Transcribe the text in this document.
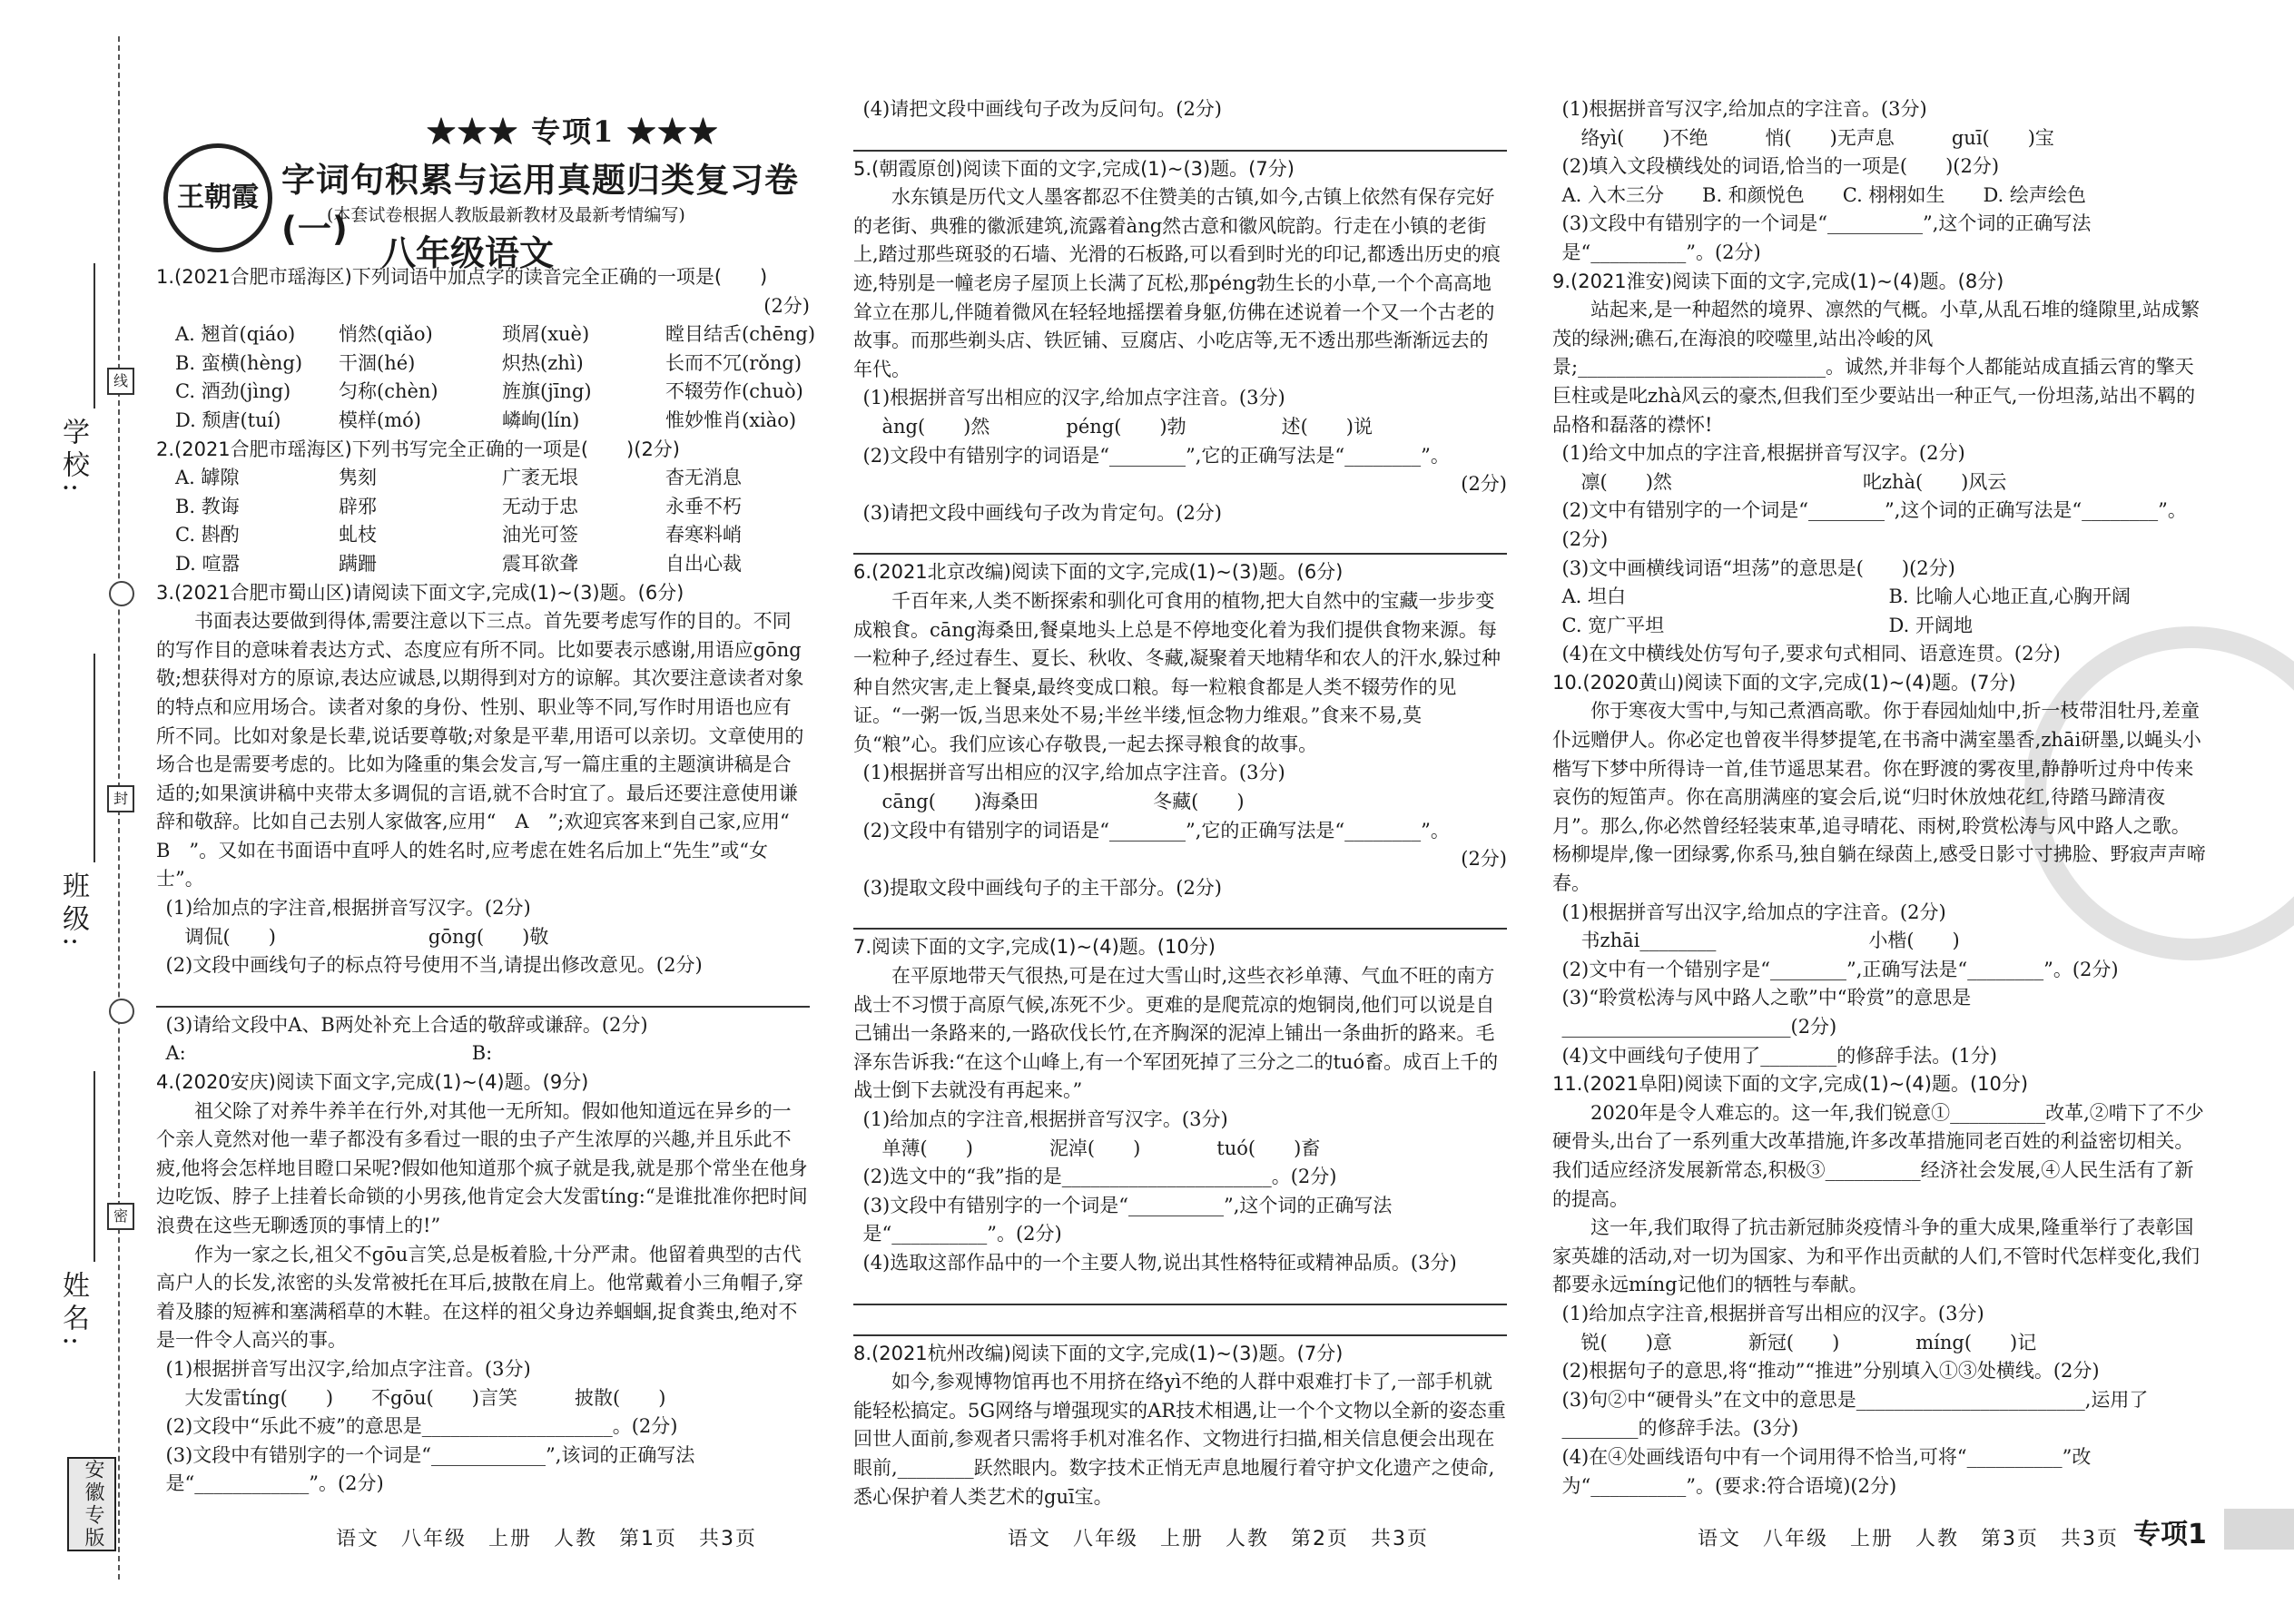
学校:
班级:
姓名:
线
封
密
安徽专版
王朝霞
★★★ 专项1 ★★★
字词句积累与运用真题归类复习卷(一)
(本套试卷根据人教版最新教材及最新考情编写)
八年级语文
1.(2021合肥市瑶海区)下列词语中加点字的读音完全正确的一项是(　　)
(2分)
A. 翘首(qiáo)	悄然(qiǎo)	琐屑(xuè)	瞠目结舌(chēng)
B. 蛮横(hèng)	干涸(hé)	炽热(zhì)	长而不冗(rǒng)
C. 酒劲(jìng)	匀称(chèn)	旌旗(jīng)	不辍劳作(chuò)
D. 颓唐(tuí)	模样(mó)	嶙峋(lín)	惟妙惟肖(xiào)
2.(2021合肥市瑶海区)下列书写完全正确的一项是(　　)(2分)
A. 罅隙	隽刻	广袤无垠	杳无消息
B. 教诲	辟邪	无动于忠	永垂不朽
C. 斟酌	虬枝	油光可签	春寒料峭
D. 喧嚣	蹒跚	震耳欲聋	自出心裁
3.(2021合肥市蜀山区)请阅读下面文字,完成(1)~(3)题。(6分)
书面表达要做到得体,需要注意以下三点。首先要考虑写作的目的。不同的写作目的意味着表达方式、态度应有所不同。比如要表示感谢,用语应gōng敬;想获得对方的原谅,表达应诚恳,以期得到对方的谅解。其次要注意读者对象的特点和应用场合。读者对象的身份、性别、职业等不同,写作时用语也应有所不同。比如对象是长辈,说话要尊敬;对象是平辈,用语可以亲切。文章使用的场合也是需要考虑的。比如为隆重的集会发言,写一篇庄重的主题演讲稿是合适的;如果演讲稿中夹带太多调侃的言语,就不合时宜了。最后还要注意使用谦辞和敬辞。比如自己去别人家做客,应用“　A　”;欢迎宾客来到自己家,应用“　B　”。又如在书面语中直呼人的姓名时,应考虑在姓名后加上“先生”或“女士”。
(1)给加点的字注音,根据拼音写汉字。(2分)
调侃(　　)　　　　　　　　gōng(　　)敬
(2)文段中画线句子的标点符号使用不当,请提出修改意见。(2分)
(3)请给文段中A、B两处补充上合适的敬辞或谦辞。(2分)
A:　　　　　　　　　　　　　　　B:
4.(2020安庆)阅读下面文字,完成(1)~(4)题。(9分)
祖父除了对养牛养羊在行外,对其他一无所知。假如他知道远在异乡的一个亲人竟然对他一辈子都没有多看过一眼的虫子产生浓厚的兴趣,并且乐此不疲,他将会怎样地目瞪口呆呢?假如他知道那个疯子就是我,就是那个常坐在他身边吃饭、脖子上挂着长命锁的小男孩,他肯定会大发雷tíng:“是谁批准你把时间浪费在这些无聊透顶的事情上的!”
作为一家之长,祖父不gōu言笑,总是板着脸,十分严肃。他留着典型的古代高户人的长发,浓密的头发常被托在耳后,披散在肩上。他常戴着小三角帽子,穿着及膝的短裤和塞满稻草的木鞋。在这样的祖父身边养蝈蝈,捉食粪虫,绝对不是一件令人高兴的事。
(1)根据拼音写出汉字,给加点字注音。(3分)
大发雷tíng(　　)　　不gōu(　　)言笑　　　披散(　　)
(2)文段中“乐此不疲”的意思是____________________。(2分)
(3)文段中有错别字的一个词是“____________”,该词的正确写法是“____________”。(2分)
(4)请把文段中画线句子改为反问句。(2分)
5.(朝霞原创)阅读下面的文字,完成(1)~(3)题。(7分)
水东镇是历代文人墨客都忍不住赞美的古镇,如今,古镇上依然有保存完好的老街、典雅的徽派建筑,流露着àng然古意和徽风皖韵。行走在小镇的老街上,踏过那些斑驳的石墙、光滑的石板路,可以看到时光的印记,都透出历史的痕迹,特别是一幢老房子屋顶上长满了瓦松,那péng勃生长的小草,一个个高高地耸立在那儿,伴随着微风在轻轻地摇摆着身躯,仿佛在述说着一个又一个古老的故事。而那些剃头店、铁匠铺、豆腐店、小吃店等,无不透出那些渐渐远去的年代。
(1)根据拼音写出相应的汉字,给加点字注音。(3分)
àng(　　)然　　　　péng(　　)勃　　　　　述(　　)说
(2)文段中有错别字的词语是“________”,它的正确写法是“________”。
(2分)
(3)请把文段中画线句子改为肯定句。(2分)
6.(2021北京改编)阅读下面的文字,完成(1)~(3)题。(6分)
千百年来,人类不断探索和驯化可食用的植物,把大自然中的宝藏一步步变成粮食。cāng海桑田,餐桌地头上总是不停地变化着为我们提供食物来源。每一粒种子,经过春生、夏长、秋收、冬藏,凝聚着天地精华和农人的汗水,躲过种种自然灾害,走上餐桌,最终变成口粮。每一粒粮食都是人类不辍劳作的见证。“一粥一饭,当思来处不易;半丝半缕,恒念物力维艰。”食来不易,莫负“粮”心。我们应该心存敬畏,一起去探寻粮食的故事。
(1)根据拼音写出相应的汉字,给加点字注音。(3分)
cāng(　　)海桑田　　　　　　冬藏(　　)
(2)文段中有错别字的词语是“________”,它的正确写法是“________”。
(2分)
(3)提取文段中画线句子的主干部分。(2分)
7.阅读下面的文字,完成(1)~(4)题。(10分)
在平原地带天气很热,可是在过大雪山时,这些衣衫单薄、气血不旺的南方战士不习惯于高原气候,冻死不少。更难的是爬荒凉的炮铜岗,他们可以说是自己铺出一条路来的,一路砍伐长竹,在齐胸深的泥淖上铺出一条曲折的路来。毛泽东告诉我:“在这个山峰上,有一个军团死掉了三分之二的tuó畜。成百上千的战士倒下去就没有再起来。”
(1)给加点的字注音,根据拼音写汉字。(3分)
单薄(　　)　　　　泥淖(　　)　　　　tuó(　　)畜
(2)选文中的“我”指的是______________________。(2分)
(3)文段中有错别字的一个词是“__________”,这个词的正确写法是“__________”。(2分)
(4)选取这部作品中的一个主要人物,说出其性格特征或精神品质。(3分)
8.(2021杭州改编)阅读下面的文字,完成(1)~(3)题。(7分)
如今,参观博物馆再也不用挤在络yì不绝的人群中艰难打卡了,一部手机就能轻松搞定。5G网络与增强现实的AR技术相遇,让一个个文物以全新的姿态重回世人面前,参观者只需将手机对准名作、文物进行扫描,相关信息便会出现在眼前,________跃然眼内。数字技术正悄无声息地履行着守护文化遗产之使命,悉心保护着人类艺术的guī宝。
(1)根据拼音写汉字,给加点的字注音。(3分)
络yì(　　)不绝　　　悄(　　)无声息　　　guī(　　)宝
(2)填入文段横线处的词语,恰当的一项是(　　)(2分)
A. 入木三分　　B. 和颜悦色　　C. 栩栩如生　　D. 绘声绘色
(3)文段中有错别字的一个词是“__________”,这个词的正确写法是“__________”。(2分)
9.(2021淮安)阅读下面的文字,完成(1)~(4)题。(8分)
站起来,是一种超然的境界、凛然的气概。小草,从乱石堆的缝隙里,站成繁茂的绿洲;礁石,在海浪的咬噬里,站出冷峻的风景;__________________________。诚然,并非每个人都能站成直插云宵的擎天巨柱或是叱zhà风云的豪杰,但我们至少要站出一种正气,一份坦荡,站出不羁的品格和磊落的襟怀!
(1)给文中加点的字注音,根据拼音写汉字。(2分)
凛(　　)然　　　　　　　　　　叱zhà(　　)风云
(2)文中有错别字的一个词是“________”,这个词的正确写法是“________”。(2分)
(3)文中画横线词语“坦荡”的意思是(　　)(2分)
A. 坦白	B. 比喻人心地正直,心胸开阔
C. 宽广平坦	D. 开阔地
(4)在文中横线处仿写句子,要求句式相同、语意连贯。(2分)
10.(2020黄山)阅读下面的文字,完成(1)~(4)题。(7分)
你于寒夜大雪中,与知己煮酒高歌。你于春园灿灿中,折一枝带泪牡丹,差童仆远赠伊人。你必定也曾夜半得梦提笔,在书斋中满室墨香,zhāi研墨,以蝇头小楷写下梦中所得诗一首,佳节遥思某君。你在野渡的雾夜里,静静听过舟中传来哀伤的短笛声。你在高朋满座的宴会后,说“归时休放烛花红,待踏马蹄清夜月”。那么,你必然曾经轻装束革,追寻晴花、雨树,聆赏松涛与风中路人之歌。杨柳堤岸,像一团绿雾,你系马,独自躺在绿茵上,感受日影寸寸拂脸、野寂声声啼春。
(1)根据拼音写出汉字,给加点的字注音。(2分)
书zhāi________　　　　　　　　小楷(　　)
(2)文中有一个错别字是“________”,正确写法是“________”。(2分)
(3)“聆赏松涛与风中路人之歌”中“聆赏”的意思是________________________(2分)
(4)文中画线句子使用了________的修辞手法。(1分)
11.(2021阜阳)阅读下面的文字,完成(1)~(4)题。(10分)
2020年是令人难忘的。这一年,我们锐意①__________改革,②啃下了不少硬骨头,出台了一系列重大改革措施,许多改革措施同老百姓的利益密切相关。我们适应经济发展新常态,积极③__________经济社会发展,④人民生活有了新的提高。
这一年,我们取得了抗击新冠肺炎疫情斗争的重大成果,隆重举行了表彰国家英雄的活动,对一切为国家、为和平作出贡献的人们,不管时代怎样变化,我们都要永远míng记他们的牺牲与奉献。
(1)给加点字注音,根据拼音写出相应的汉字。(3分)
锐(　　)意　　　　新冠(　　)　　　　míng(　　)记
(2)根据句子的意思,将“推动”“推进”分别填入①③处横线。(2分)
(3)句②中“硬骨头”在文中的意思是________________________,运用了________的修辞手法。(3分)
(4)在④处画线语句中有一个词用得不恰当,可将“__________”改为“__________”。(要求:符合语境)(2分)
语文　八年级　上册　人教　第1页　共3页	语文　八年级　上册　人教　第2页　共3页	语文　八年级　上册　人教　第3页　共3页 专项1
